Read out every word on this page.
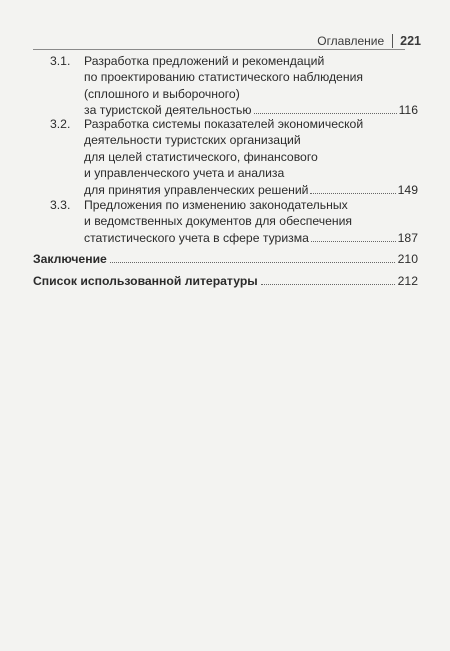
Оглавление 221
3.1. Разработка предложений и рекомендаций
по проектированию статистического наблюдения
(сплошного и выборочного)
за туристской деятельностью	116
3.2. Разработка системы показателей экономической
деятельности туристских организаций
для целей статистического, финансового
и управленческого учета и анализа
для принятия управленческих решений	149
3.3. Предложения по изменению законодательных
и ведомственных документов для обеспечения
статистического учета в сфере туризма	187
Заключение	210
Список использованной литературы	212
